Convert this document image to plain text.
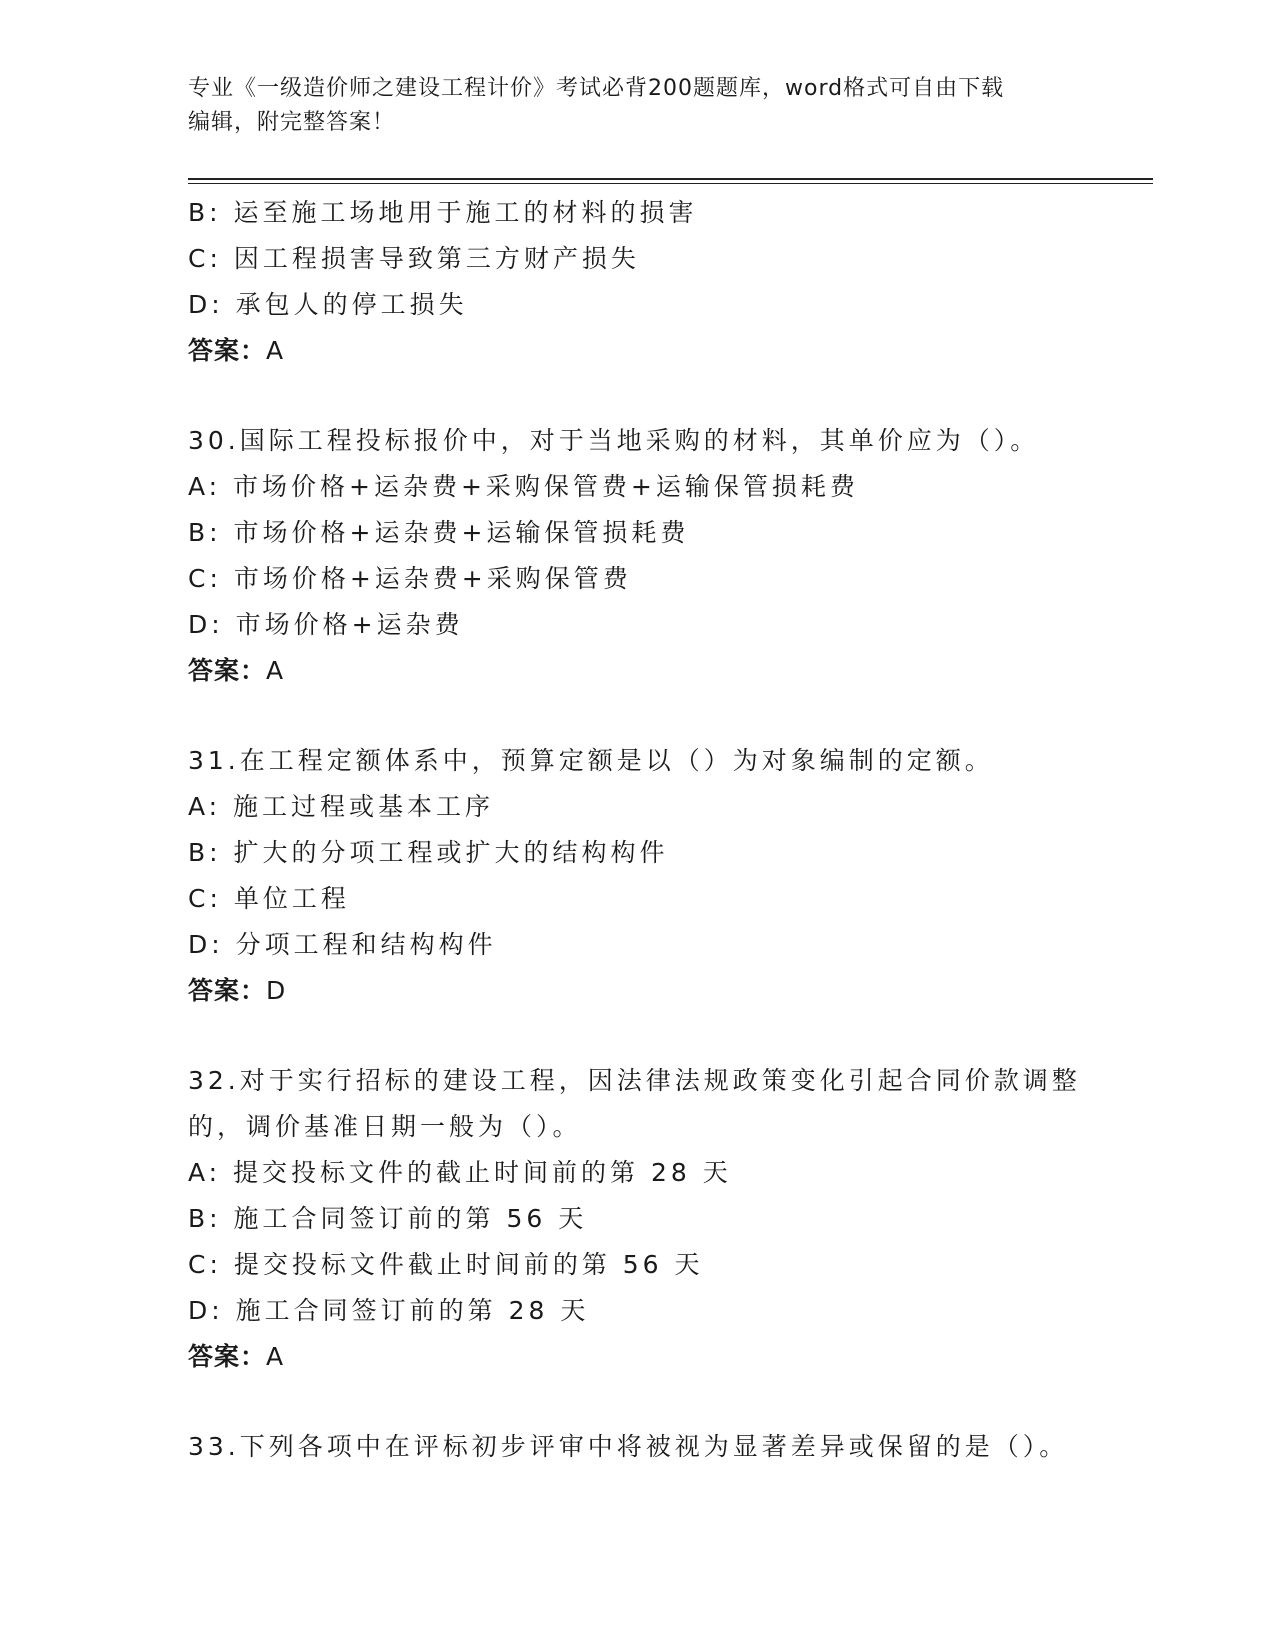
专业《一级造价师之建设工程计价》考试必背200题题库，word格式可自由下载
编辑，附完整答案！
B: 运至施工场地用于施工的材料的损害
C: 因工程损害导致第三方财产损失
D: 承包人的停工损失
答案：A
30.国际工程投标报价中，对于当地采购的材料，其单价应为（）。
A: 市场价格+运杂费+采购保管费+运输保管损耗费
B: 市场价格+运杂费+运输保管损耗费
C: 市场价格+运杂费+采购保管费
D: 市场价格+运杂费
答案：A
31.在工程定额体系中，预算定额是以（）为对象编制的定额。
A: 施工过程或基本工序
B: 扩大的分项工程或扩大的结构构件
C: 单位工程
D: 分项工程和结构构件
答案：D
32.对于实行招标的建设工程，因法律法规政策变化引起合同价款调整
的，调价基准日期一般为（）。
A: 提交投标文件的截止时间前的第 28 天
B: 施工合同签订前的第 56 天
C: 提交投标文件截止时间前的第 56 天
D: 施工合同签订前的第 28 天
答案：A
33.下列各项中在评标初步评审中将被视为显著差异或保留的是（）。
